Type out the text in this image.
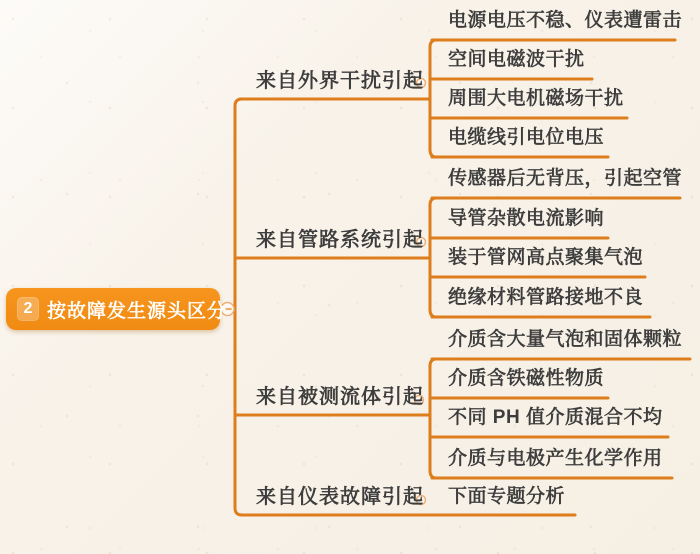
2 按故障发生源头区分
来自外界干扰引起
来自管路系统引起
来自被测流体引起
来自仪表故障引起
电源电压不稳、仪表遭雷击
空间电磁波干扰
周围大电机磁场干扰
电缆线引电位电压
传感器后无背压，引起空管
导管杂散电流影响
装于管网高点聚集气泡
绝缘材料管路接地不良
介质含大量气泡和固体颗粒
介质含铁磁性物质
不同 PH 值介质混合不均
介质与电极产生化学作用
下面专题分析
